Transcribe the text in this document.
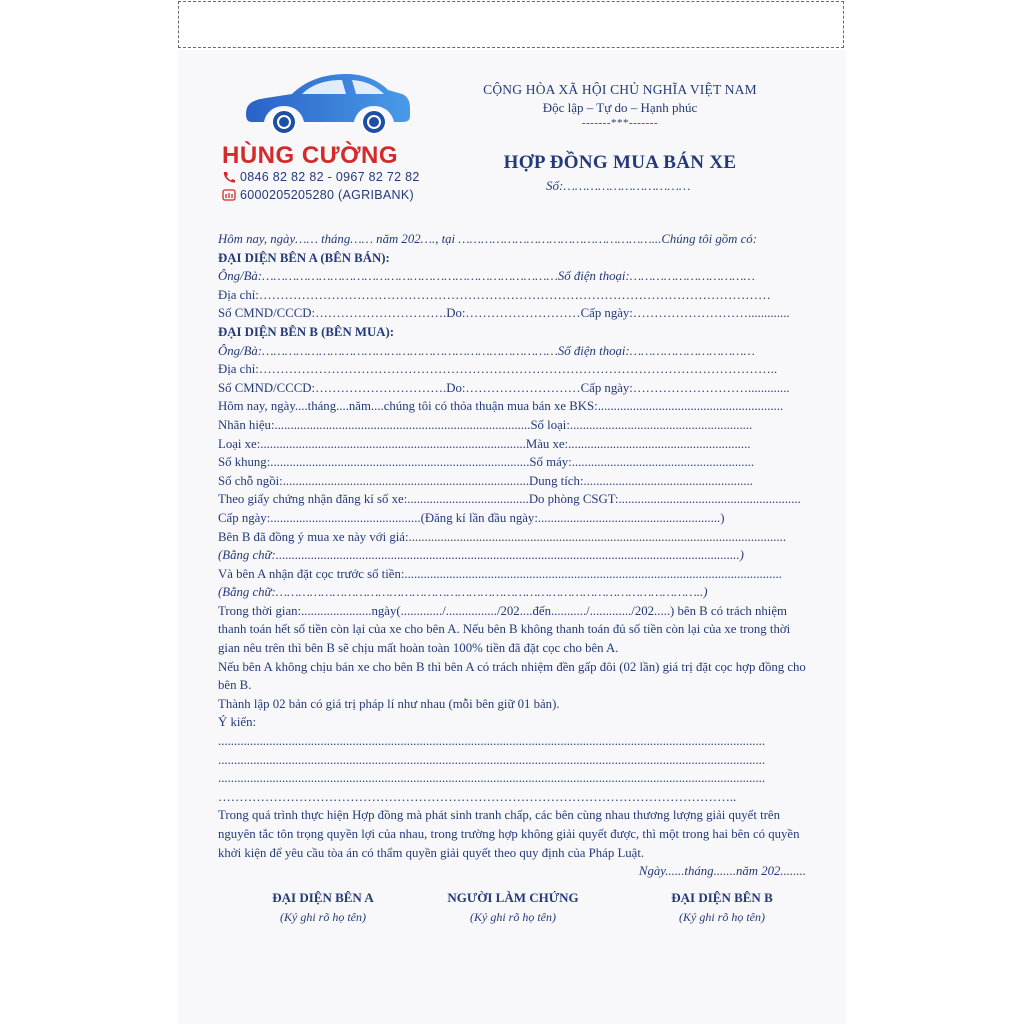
HÙNG CƯỜNG
0846 82 82 82 - 0967 82 72 82
6000205205280 (AGRIBANK)
CỘNG HÒA XÃ HỘI CHỦ NGHĨA VIỆT NAM
Độc lập – Tự do – Hạnh phúc
-------***-------
HỢP ĐỒNG MUA BÁN XE
Số:……………………………
Hôm nay, ngày…… tháng…… năm 202…., tại ……………………………………………...Chúng tôi gồm có:
ĐẠI DIỆN BÊN A (BÊN BÁN):
Ông/Bà:……………………………………………………………………Số điện thoại:……………………………
Địa chỉ:…………………………………………………………………………………………………………
Số CMND/CCCD:………………………….Do:………………………Cấp ngày:……………………….............
ĐẠI DIỆN BÊN B (BÊN MUA):
Ông/Bà:……………………………………………………………………Số điện thoại:……………………………
Địa chỉ:…………………………………………………………………………………………………………..
Số CMND/CCCD:………………………….Do:………………………Cấp ngày:……………………….............
Hôm nay, ngày....tháng....năm....chúng tôi có thỏa thuận mua bán xe BKS:..........................................................
Nhãn hiệu:................................................................................Số loại:.........................................................
Loại xe:...................................................................................Màu xe:.........................................................
Số khung:.................................................................................Số máy:.........................................................
Số chỗ ngồi:.............................................................................Dung tích:.....................................................
Theo giấy chứng nhận đăng kí số xe:......................................Do phòng CSGT:.........................................................
Cấp ngày:...............................................(Đăng kí lần đầu ngày:.........................................................)
Bên B đã đồng ý mua xe này với giá:......................................................................................................................
(Bằng chữ:.................................................................................................................................................)
Và bên A nhận đặt cọc trước số tiền:......................................................................................................................
(Bằng chữ:…………………………………………………………………………………………………..)
Trong thời gian:......................ngày(............./................/202....đến.........../............./202.....) bên B có trách nhiệm thanh toán hết số tiền còn lại của xe cho bên A. Nếu bên B không thanh toán đủ số tiền còn lại của xe trong thời gian nêu trên thì bên B sẽ chịu mất hoàn toàn 100% tiền đã đặt cọc cho bên A.
Nếu bên A không chịu bán xe cho bên B thì bên A có trách nhiệm đền gấp đôi (02 lần) giá trị đặt cọc hợp đồng cho bên B.
Thành lập 02 bản có giá trị pháp lí như nhau (mỗi bên giữ 01 bản).
Ý kiến:
...........................................................................................................................................................................
...........................................................................................................................................................................
...........................................................................................................................................................................
…………………………………………………………………………………………………………..
Trong quá trình thực hiện Hợp đồng mà phát sinh tranh chấp, các bên cùng nhau thương lượng giải quyết trên nguyên tắc tôn trọng quyền lợi của nhau, trong trường hợp không giải quyết được, thì một trong hai bên có quyền khởi kiện để yêu cầu tòa án có thẩm quyền giải quyết theo quy định của Pháp Luật.
Ngày......tháng.......năm 202........
ĐẠI DIỆN BÊN A
(Ký ghi rõ họ tên)
NGƯỜI LÀM CHỨNG
(Ký ghi rõ họ tên)
ĐẠI DIỆN BÊN B
(Ký ghi rõ họ tên)
